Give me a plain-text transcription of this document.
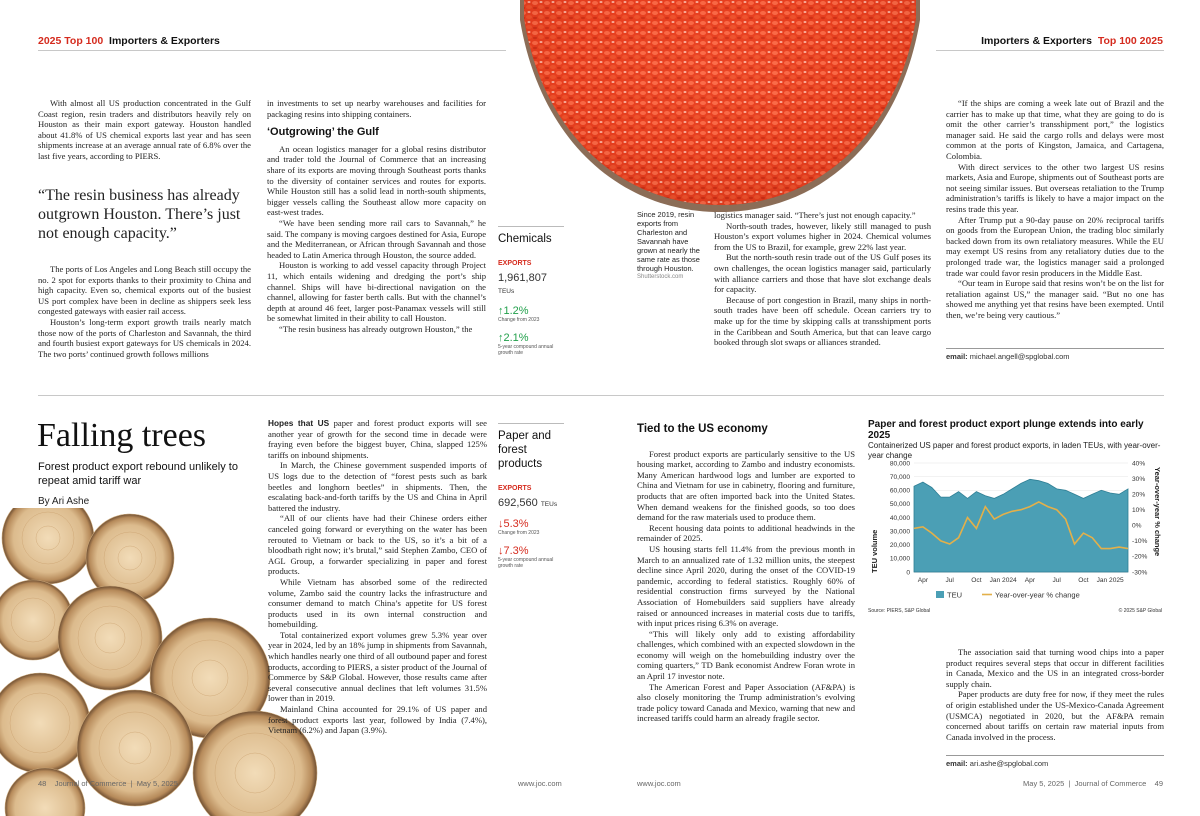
2025 Top 100 Importers & Exporters	Importers & Exporters Top 100 2025

With almost all US production concentrated in the Gulf Coast region, resin traders and distributors heavily rely on Houston as their main export gateway. Houston handled about 41.8% of US chemical exports last year and has seen shipments increase at an average annual rate of 6.8% over the last five years, according to PIERS.

“The resin business has already outgrown Houston. There’s just not enough capacity.”

The ports of Los Angeles and Long Beach still occupy the no. 2 spot for exports thanks to their proximity to China and high capacity. Even so, chemical exports out of the busiest US port complex have been in decline as shippers seek less congested gateways with easier rail access.

Houston’s long-term export growth trails nearly match those now of the ports of Charleston and Savannah, the third and fourth busiest export gateways for US chemicals in 2024. The two ports’ continued growth follows millions

in investments to set up nearby warehouses and facilities for packaging resins into shipping containers.

‘Outgrowing’ the Gulf

An ocean logistics manager for a global resins distributor and trader told the Journal of Commerce that an increasing share of its exports are moving through Southeast ports thanks to the diversity of container services and routes for exports. While Houston still has a solid lead in north-south shipments, bigger vessels calling the Southeast allow more capacity on east-west trades.

“We have been sending more rail cars to Savannah,” he said. The company is moving cargoes destined for Asia, Europe and the Mediterranean, or African through Savannah and those headed to Latin America through Houston, the source added.

Houston is working to add vessel capacity through Project 11, which entails widening and dredging the port’s ship channel. Ships will have bi-directional navigation on the channel, allowing for faster berth calls. But with the channel’s depth at around 46 feet, larger post-Panamax vessels will still be somewhat limited in their ability to call Houston.

“The resin business has already outgrown Houston,” the

Chemicals
EXPORTS
1,961,807 TEUs
↑1.2%
Change from 2023
↑2.1%
5-year compound annual growth rate
Since 2019, resin exports from Charleston and Savannah have grown at nearly the same rate as those through Houston.
Shutterstock.com

logistics manager said. “There’s just not enough capacity.”

North-south trades, however, likely still managed to push Houston’s export volumes higher in 2024. Chemical volumes from the US to Brazil, for example, grew 22% last year.

But the north-south resin trade out of the US Gulf poses its own challenges, the ocean logistics manager said, particularly with alliance carriers and those that have slot exchange deals for capacity.

Because of port congestion in Brazil, many ships in north-south trades have been off schedule. Ocean carriers try to make up for the time by skipping calls at transshipment ports in the Caribbean and South America, but that can leave cargo booked through slot swaps or alliances stranded.

“If the ships are coming a week late out of Brazil and the carrier has to make up that time, what they are going to do is omit the other carrier’s transshipment port,” the logistics manager said. He said the cargo rolls and delays were most common at the ports of Kingston, Jamaica, and Cartagena, Colombia.

With direct services to the other two largest US resins markets, Asia and Europe, shipments out of Southeast ports are not seeing similar issues. But overseas retaliation to the Trump administration’s tariffs is likely to have a major impact on the resins trade this year.

After Trump put a 90-day pause on 20% reciprocal tariffs on goods from the European Union, the trading bloc similarly backed down from its own retaliatory measures. While the EU may exempt US resins from any retaliatory duties due to the prolonged trade war, the logistics manager said a prolonged trade war could favor resin producers in the Middle East.

“Our team in Europe said that resins won’t be on the list for retaliation against US,” the manager said. “But no one has showed me anything yet that resins have been exempted. Until then, we’re being very cautious.”

email: michael.angell@spglobal.com
Falling trees
Forest product export rebound unlikely to repeat amid tariff war
By Ari Ashe

Hopes that US paper and forest product exports will see another year of growth for the second time in decade were fraying even before the biggest buyer, China, slapped 125% tariffs on inbound shipments.

In March, the Chinese government suspended imports of US logs due to the detection of “forest pests such as bark beetles and longhorn beetles” in shipments. Then, the escalating back-and-forth tariffs by the US and China in April battered the industry.

“All of our clients have had their Chinese orders either canceled going forward or everything on the water has been rerouted to Vietnam or back to the US, so it’s a bit of a bloodbath right now; it’s brutal,” said Stephen Zambo, CEO of AGL Group, a forwarder specializing in paper and forest products.

While Vietnam has absorbed some of the redirected volume, Zambo said the country lacks the infrastructure and consumer demand to match China’s appetite for US forest products used in its own internal construction and homebuilding.

Total containerized export volumes grew 5.3% year over year in 2024, led by an 18% jump in shipments from Savannah, which handles nearly one third of all outbound paper and forest products, according to PIERS, a sister product of the Journal of Commerce by S&P Global. However, those results came after several consecutive annual declines that left volumes 31.5% lower than in 2019.

Mainland China accounted for 29.1% of US paper and forest product exports last year, followed by India (7.4%), Vietnam (6.2%) and Japan (3.9%).

Paper and forest products
EXPORTS
692,560 TEUs
↓5.3%
Change from 2023
↓7.3%
5-year compound annual growth rate
Tied to the US economy

Forest product exports are particularly sensitive to the US housing market, according to Zambo and industry economists. Many American hardwood logs and lumber are exported to China and Vietnam for use in cabinetry, flooring and furniture, products that are often imported back into the United States. When demand weakens for the finished goods, so too does demand for the raw materials used to produce them.

Recent housing data points to additional headwinds in the remainder of 2025.

US housing starts fell 11.4% from the previous month in March to an annualized rate of 1.32 million units, the steepest decline since April 2020, during the onset of the COVID-19 pandemic, according to federal statistics. Roughly 60% of residential construction firms surveyed by the National Association of Homebuilders said suppliers have already raised or announced increases in material costs due to tariffs, with input prices rising 6.3% on average.

“This will likely only add to existing affordability challenges, which combined with an expected slowdown in the economy will weigh on the homebuilding industry over the coming quarters,” TD Bank economist Andrew Foran wrote in an April 17 investor note.

The American Forest and Paper Association (AF&PA) is also closely monitoring the Trump administration’s evolving trade policy toward Canada and Mexico, warning that new and increased tariffs could harm an already fragile sector.

Paper and forest product export plunge extends into early 2025
Containerized US paper and forest product exports, in laden TEUs, with year-over-year change
80,000
70,000
60,000
50,000
40,000
30,000
20,000
10,000
0
40%
30%
20%
10%
0%
-10%
-20%
-30%
Apr	Jul	Oct Jan 2024 Apr	Jul	Oct Jan 2025
TEU volume	Year-over-year % change
TEU	Year-over-year % change
Source: PIERS, S&P Global	© 2025 S&P Global

The association said that turning wood chips into a paper product requires several steps that occur in different facilities in Canada, Mexico and the US in an integrated cross-border supply chain.

Paper products are duty free for now, if they meet the rules of origin established under the US-Mexico-Canada Agreement (USMCA) negotiated in 2020, but the AF&PA remain concerned about tariffs on certain raw material inputs from Canada involved in the process.

email: ari.ashe@spglobal.com
48 Journal of Commerce | May 5, 2025	www.joc.com	www.joc.com	May 5, 2025 | Journal of Commerce 49
